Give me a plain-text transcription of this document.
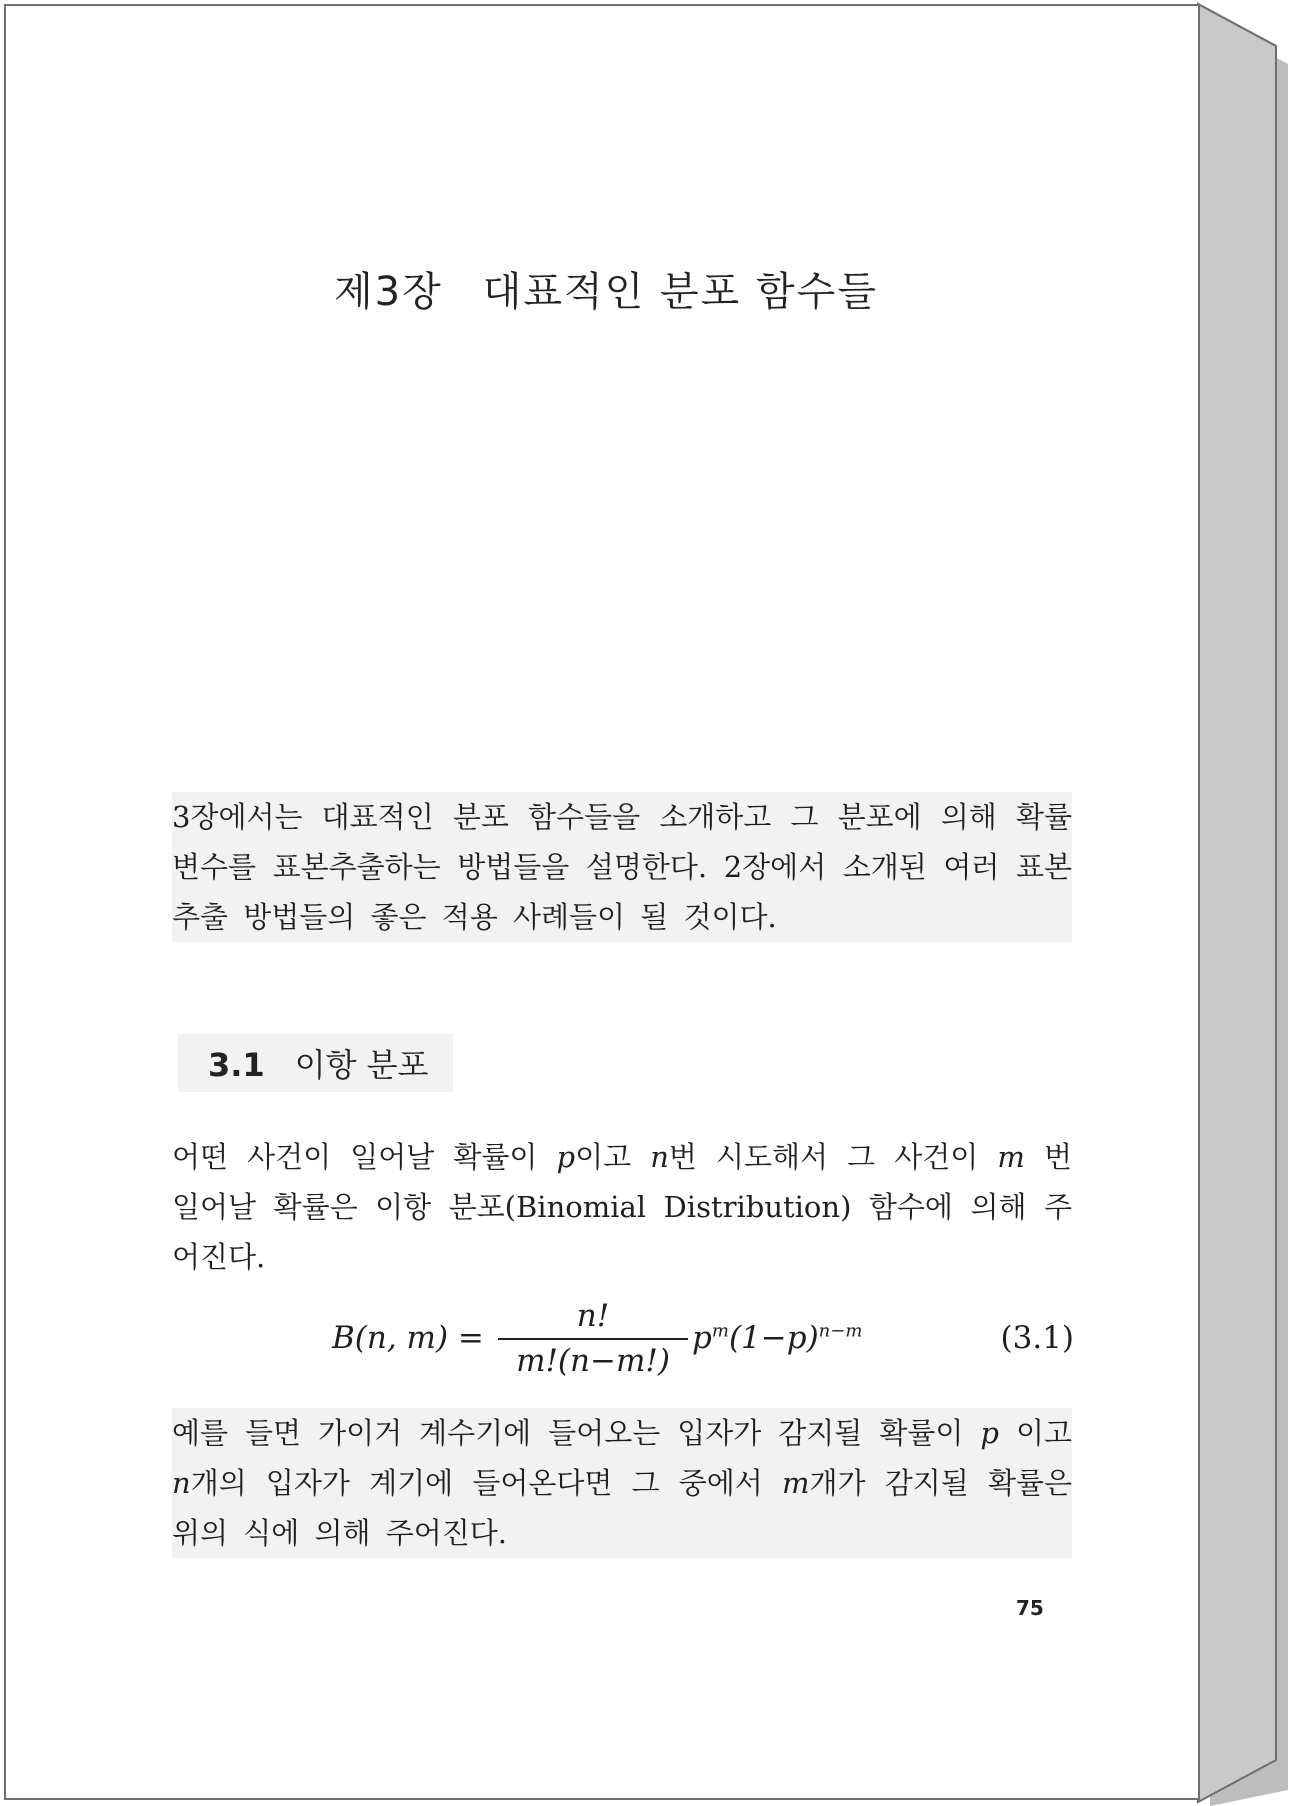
제3장 대표적인 분포 함수들
3장에서는 대표적인 분포 함수들을 소개하고 그 분포에 의해 확률 변수를 표본추출하는 방법들을 설명한다. 2장에서 소개된 여러 표본추출 방법들의 좋은 적용 사례들이 될 것이다.
3.1 이항 분포
어떤 사건이 일어날 확률이 p이고 n번 시도해서 그 사건이 m 번 일어날 확률은 이항 분포(Binomial Distribution) 함수에 의해 주어진다.
B(n, m) =
n!
m!(n−m!)
$p^m(1-p)^{n-m}$	(3.1)
예를 들면 가이거 계수기에 들어오는 입자가 감지될 확률이 p 이고 n개의 입자가 계기에 들어온다면 그 중에서 m개가 감지될 확률은 위의 식에 의해 주어진다.
75
